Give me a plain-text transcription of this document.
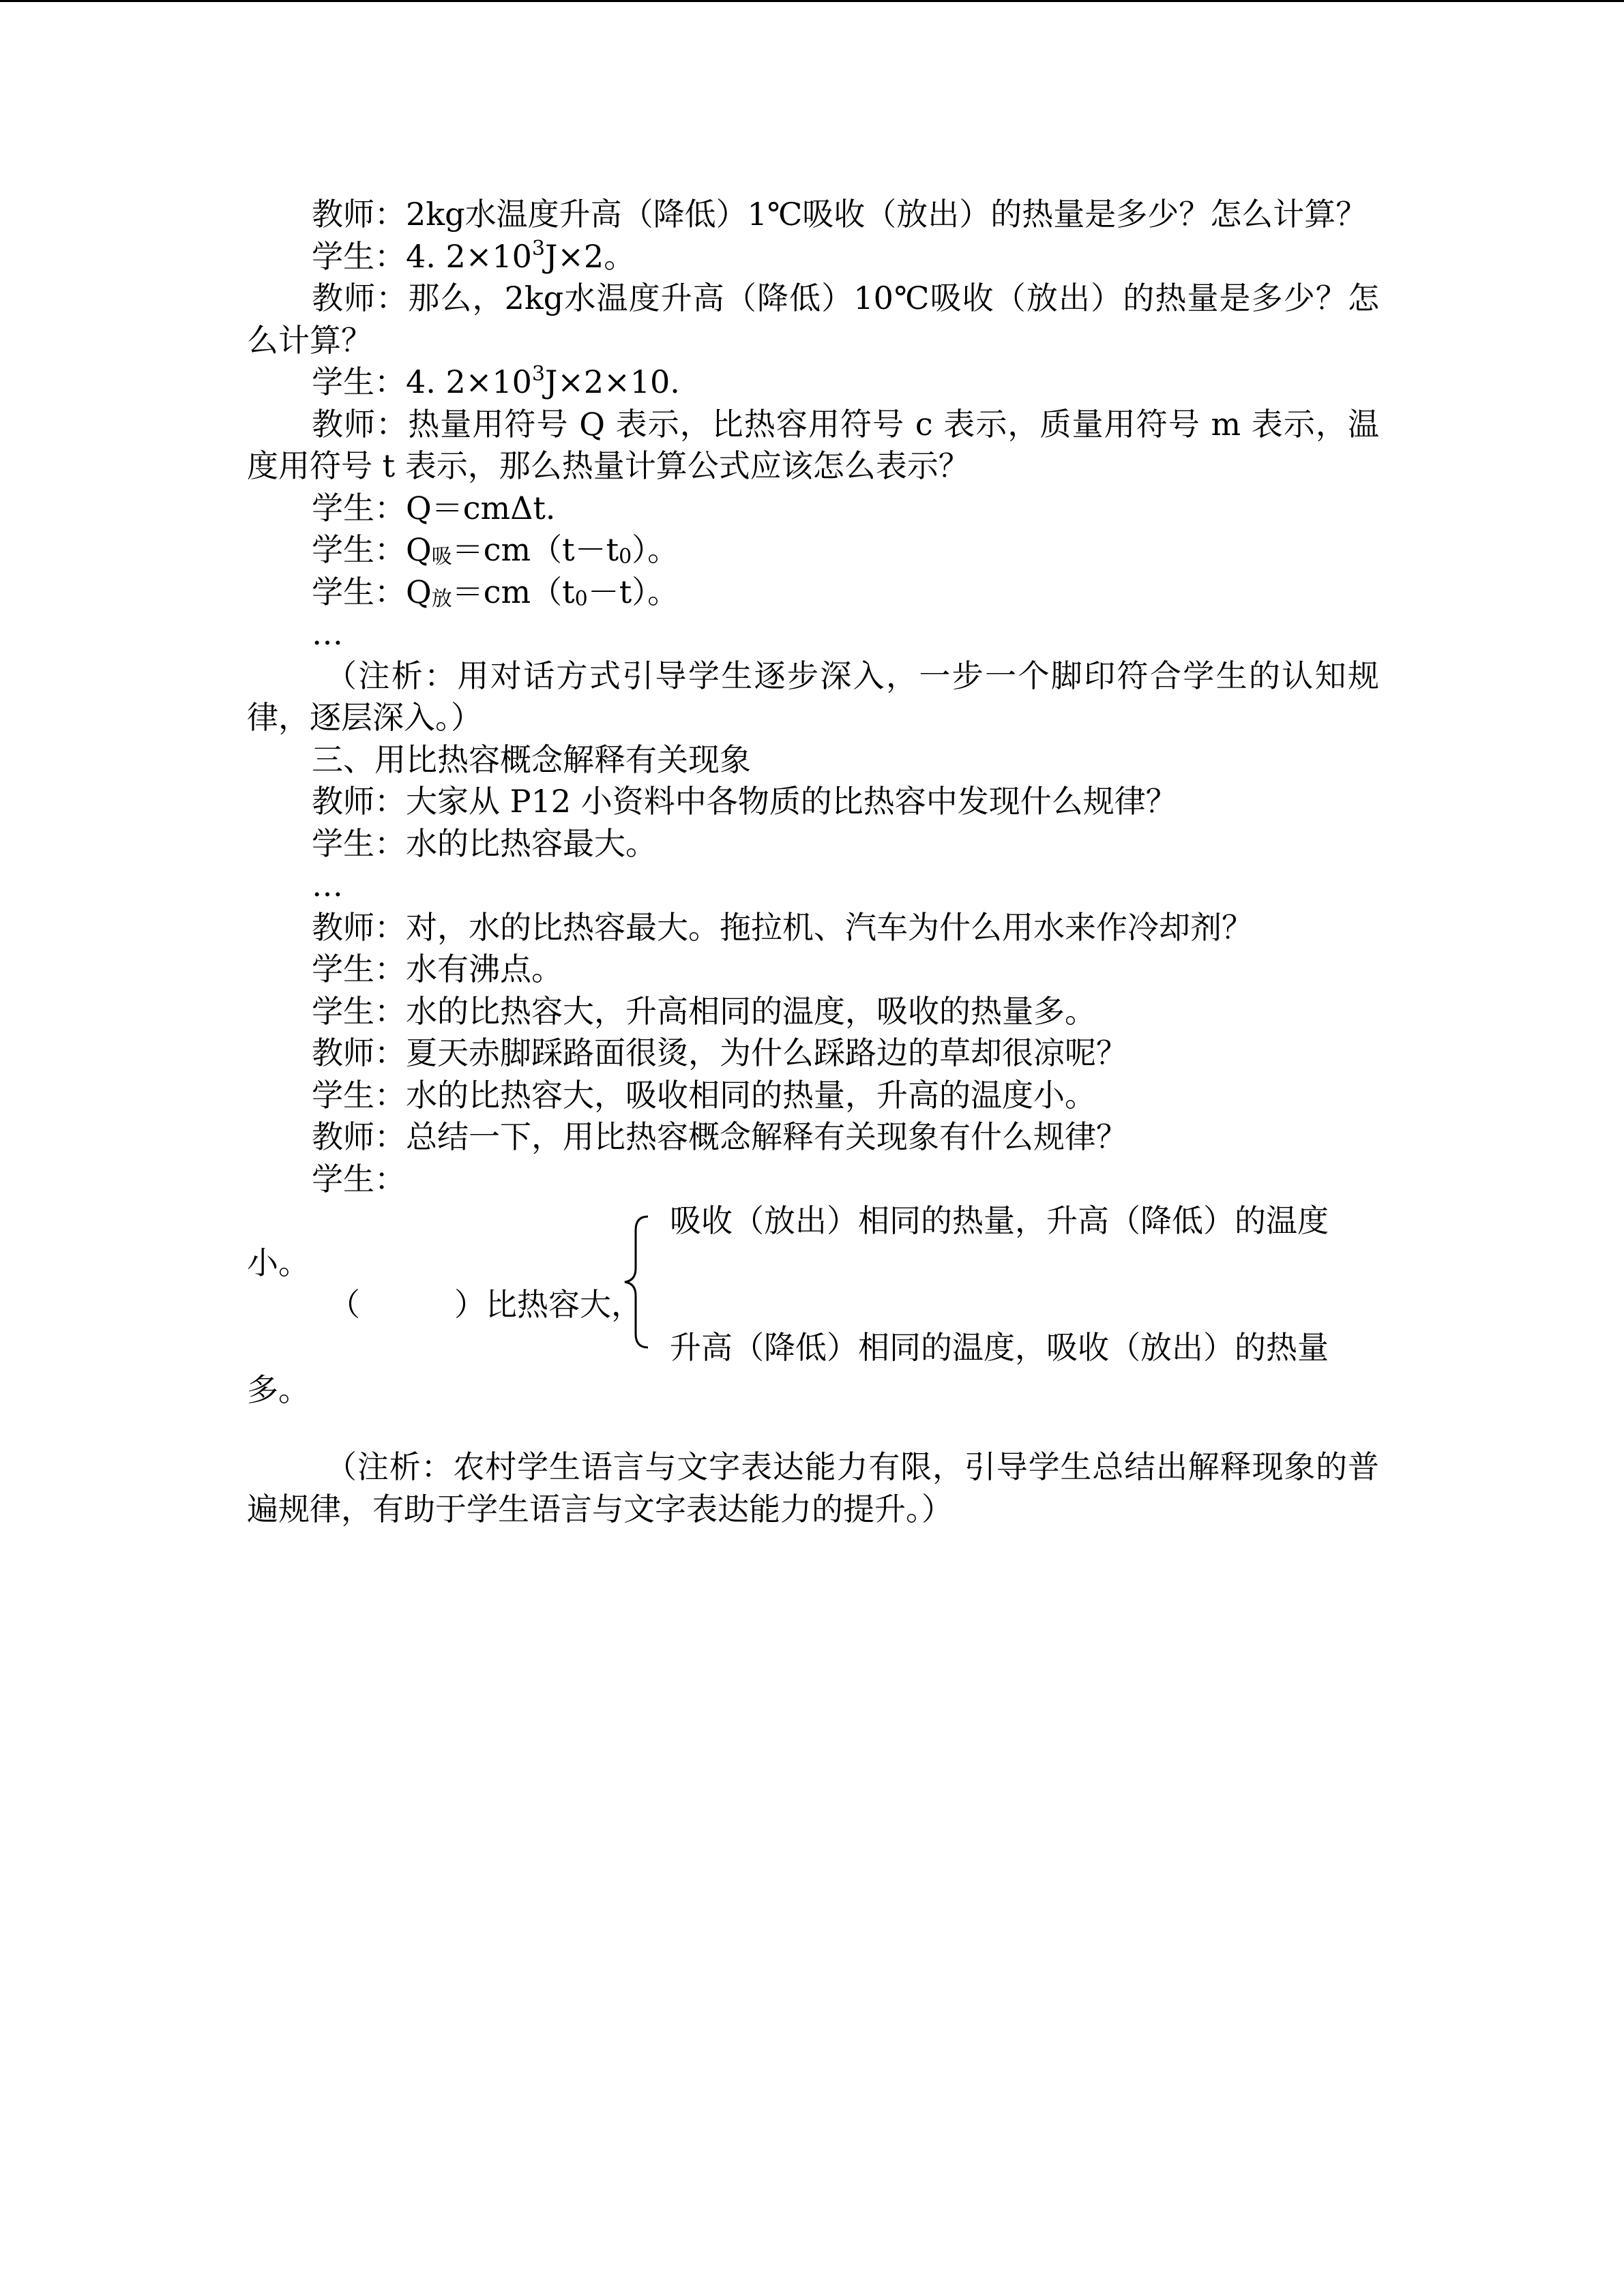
教师：2kg水温度升高（降低）1℃吸收（放出）的热量是多少？怎么计算？

学生：4. $2\times 10^3J\times 2$。

教师：那么，2kg水温度升高（降低）10℃吸收（放出）的热量是多少？怎么计算？

学生：4. $2\times 10^3J\times 2\times 10$.

教师：热量用符号 Q 表示，比热容用符号 c 表示，质量用符号 m 表示，温度用符号 t 表示，那么热量计算公式应该怎么表示？

学生：Q＝cmΔt.

学生：$Q_吸=cm(t-t_0)$。

学生：$Q_放=cm(t_0-t)$。

…

（注析：用对话方式引导学生逐步深入，一步一个脚印符合学生的认知规律，逐层深入。）

三、用比热容概念解释有关现象

教师：大家从 P12 小资料中各物质的比热容中发现什么规律？

学生：水的比热容最大。

…

教师：对，水的比热容最大。拖拉机、汽车为什么用水来作冷却剂？

学生：水有沸点。

学生：水的比热容大，升高相同的温度，吸收的热量多。

教师：夏天赤脚踩路面很烫，为什么踩路边的草却很凉呢？

学生：水的比热容大，吸收相同的热量，升高的温度小。

教师：总结一下，用比热容概念解释有关现象有什么规律？

学生：

吸收（放出）相同的热量，升高（降低）的温度
小。
（　　　）比热容大，
升高（降低）相同的温度，吸收（放出）的热量
多。

（注析：农村学生语言与文字表达能力有限，引导学生总结出解释现象的普遍规律，有助于学生语言与文字表达能力的提升。）
